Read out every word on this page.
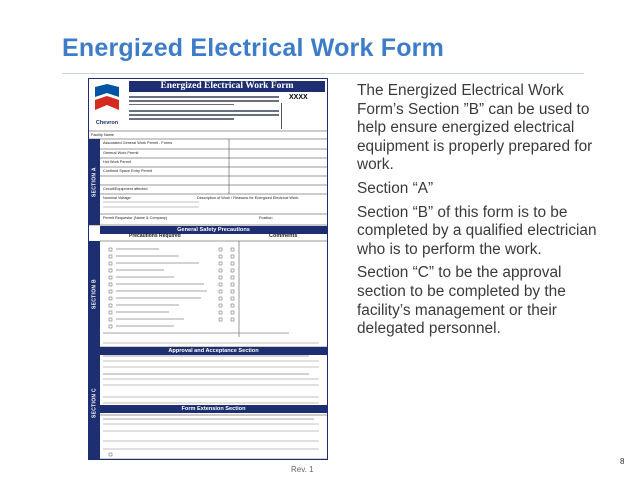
Energized Electrical Work Form
Chevron
Energized Electrical Work Form
XXXX
SECTION A
SECTION B
SECTION C
Facility Name
Associated General Work Permit - Forms
General Work Permit
Hot Work Permit
Confined Space Entry Permit
Circuit/Equipment affected
Nominal Voltage:	Description of Work / Reasons for Energized Electrical Work:
Permit Requestor (Name & Company)	Position
General Safety Precautions
Precautions Required	Comments
Approval and Acceptance Section
Form Extension Section

The Energized Electrical Work Form’s Section ”B” can be used to help ensure energized electrical equipment is properly prepared for work.

Section “A”

Section “B” of this form is to be completed by a qualified electrician who is to perform the work.

Section “C” to be the approval section to be completed by the facility’s management or their delegated personnel.

Rev. 1
8
